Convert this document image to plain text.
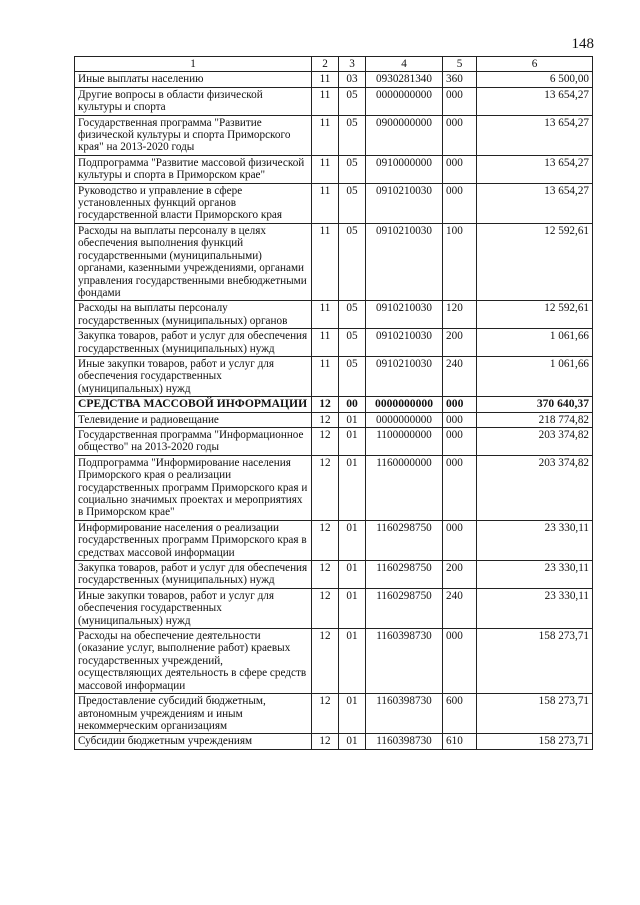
148
1	2	3	4	5	6
Иные выплаты населению	11	03	0930281340	360	6 500,00
Другие вопросы в области физической культуры и спорта	11	05	0000000000	000	13 654,27
Государственная программа "Развитие физической культуры и спорта Приморского края" на 2013-2020 годы	11	05	0900000000	000	13 654,27
Подпрограмма "Развитие массовой физической культуры и спорта в Приморском крае"	11	05	0910000000	000	13 654,27
Руководство и управление в сфере установленных функций органов государственной власти Приморского края	11	05	0910210030	000	13 654,27
Расходы на выплаты персоналу в целях обеспечения выполнения функций государственными (муниципальными) органами, казенными учреждениями, органами управления государственными внебюджетными фондами	11	05	0910210030	100	12 592,61
Расходы на выплаты персоналу государственных (муниципальных) органов	11	05	0910210030	120	12 592,61
Закупка товаров, работ и услуг для обеспечения государственных (муниципальных) нужд	11	05	0910210030	200	1 061,66
Иные закупки товаров, работ и услуг для обеспечения государственных (муниципальных) нужд	11	05	0910210030	240	1 061,66
СРЕДСТВА МАССОВОЙ ИНФОРМАЦИИ	12	00	0000000000	000	370 640,37
Телевидение и радиовещание	12	01	0000000000	000	218 774,82
Государственная программа "Информационное общество" на 2013-2020 годы	12	01	1100000000	000	203 374,82
Подпрограмма "Информирование населения Приморского края о реализации государственных программ Приморского края и социально значимых проектах и мероприятиях в Приморском крае"	12	01	1160000000	000	203 374,82
Информирование населения о реализации государственных программ Приморского края в средствах массовой информации	12	01	1160298750	000	23 330,11
Закупка товаров, работ и услуг для обеспечения государственных (муниципальных) нужд	12	01	1160298750	200	23 330,11
Иные закупки товаров, работ и услуг для обеспечения государственных (муниципальных) нужд	12	01	1160298750	240	23 330,11
Расходы на обеспечение деятельности (оказание услуг, выполнение работ) краевых государственных учреждений, осуществляющих деятельность в сфере средств массовой информации	12	01	1160398730	000	158 273,71
Предоставление субсидий бюджетным, автономным учреждениям и иным некоммерческим организациям	12	01	1160398730	600	158 273,71
Субсидии бюджетным учреждениям	12	01	1160398730	610	158 273,71
